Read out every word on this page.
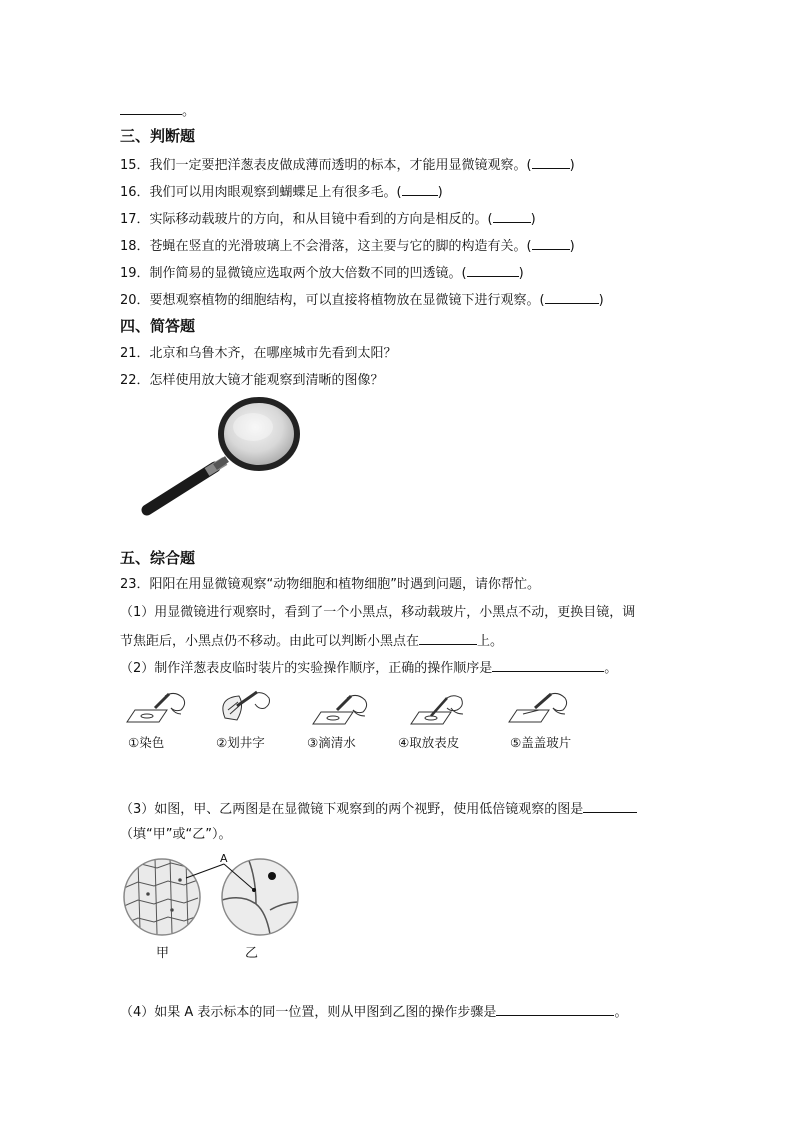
。
三、判断题
15．我们一定要把洋葱表皮做成薄而透明的标本，才能用显微镜观察。(	)
16．我们可以用肉眼观察到蝴蝶足上有很多毛。(	)
17．实际移动载玻片的方向，和从目镜中看到的方向是相反的。(	)
18．苍蝇在竖直的光滑玻璃上不会滑落，这主要与它的脚的构造有关。(	)
19．制作简易的显微镜应选取两个放大倍数不同的凹透镜。(	)
20．要想观察植物的细胞结构，可以直接将植物放在显微镜下进行观察。(	)
四、简答题
21．北京和乌鲁木齐，在哪座城市先看到太阳？
22．怎样使用放大镜才能观察到清晰的图像？
五、综合题
23．阳阳在用显微镜观察“动物细胞和植物细胞”时遇到问题，请你帮忙。
（1）用显微镜进行观察时，看到了一个小黑点，移动载玻片，小黑点不动，更换目镜，调
节焦距后，小黑点仍不移动。由此可以判断小黑点在	上。
（2）制作洋葱表皮临时装片的实验操作顺序，正确的操作顺序是	。
①染色	②划井字	③滴清水	④取放表皮	⑤盖盖玻片
（3）如图，甲、乙两图是在显微镜下观察到的两个视野，使用低倍镜观察的图是
（填“甲”或“乙”）。
A
甲	乙
（4）如果 A 表示标本的同一位置，则从甲图到乙图的操作步骤是	。
